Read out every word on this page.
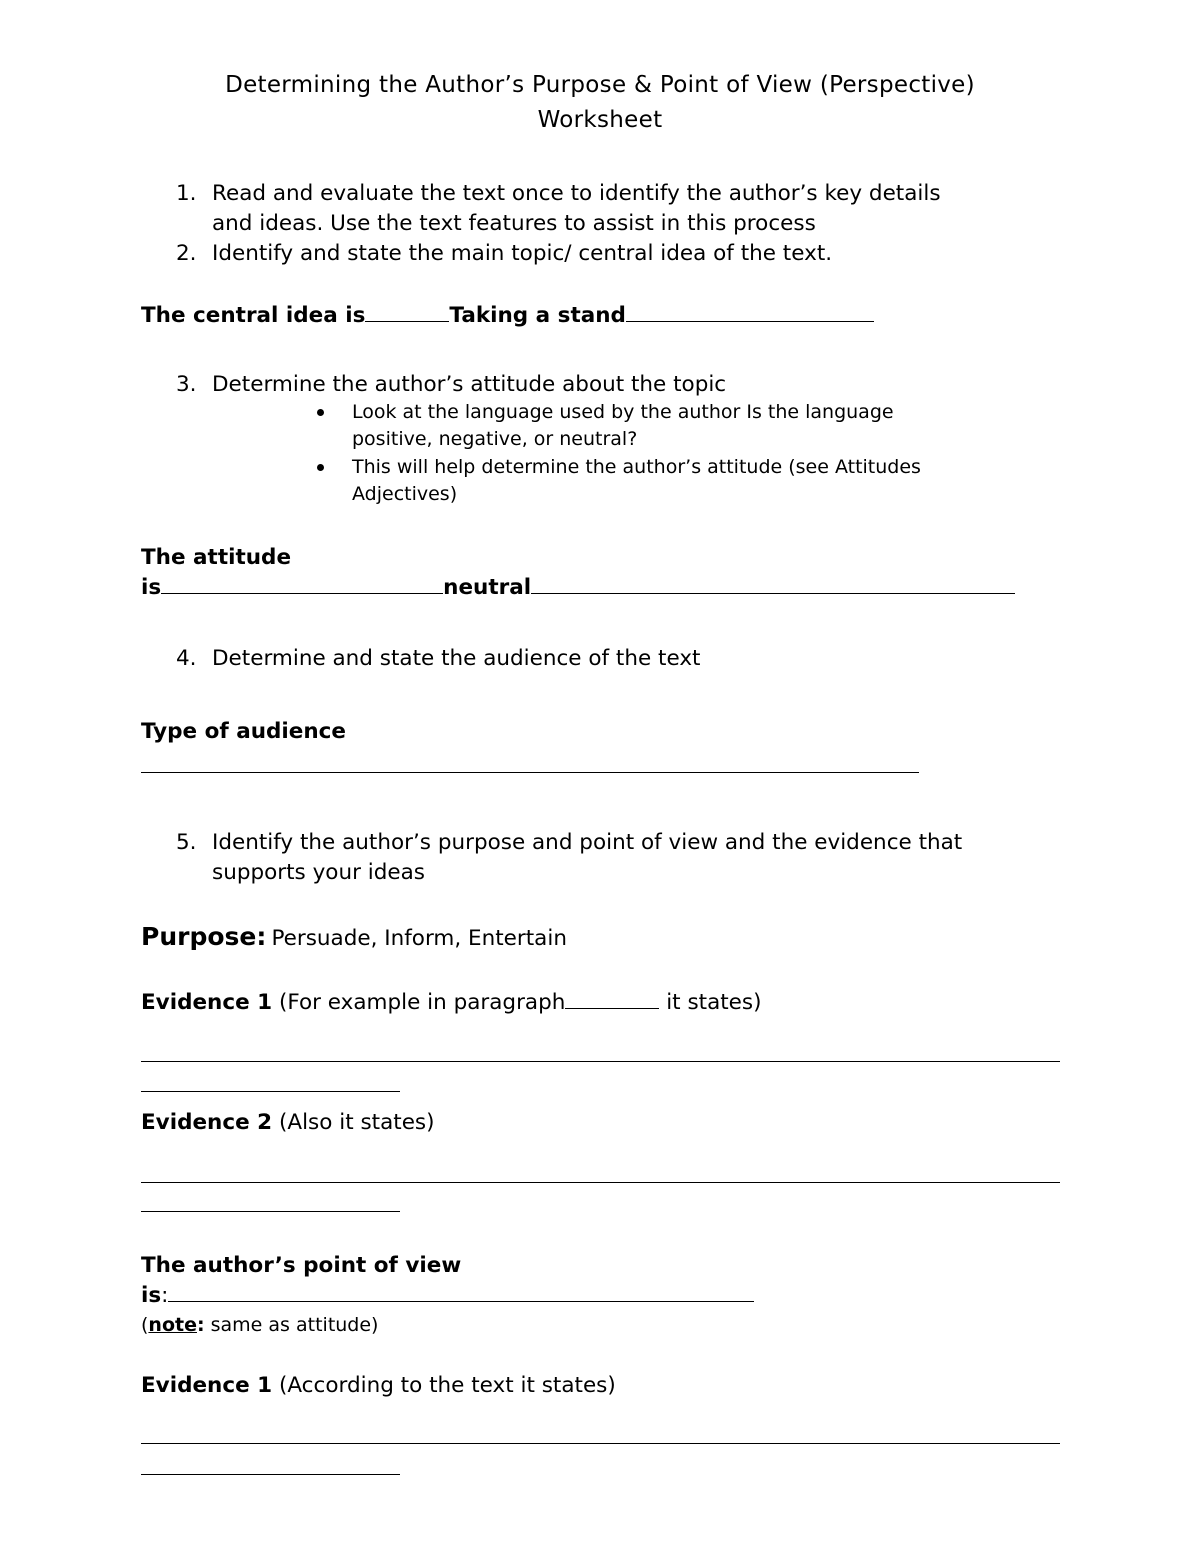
Determining the Author’s Purpose & Point of View (Perspective)
Worksheet
1. Read and evaluate the text once to identify the author’s key details
and ideas. Use the text features to assist in this process
2. Identify and state the main topic/ central idea of the text.
The central idea is	Taking a stand
3. Determine the author’s attitude about the topic
Look at the language used by the author Is the language
positive, negative, or neutral?
This will help determine the author’s attitude (see Attitudes
Adjectives)
The attitude
is	neutral
4. Determine and state the audience of the text
Type of audience
5. Identify the author’s purpose and point of view and the evidence that
supports your ideas
Purpose: Persuade, Inform, Entertain
Evidence 1 (For example in paragraph	it states)
Evidence 2 (Also it states)
The author’s point of view
is:
(note: same as attitude)
Evidence 1 (According to the text it states)
